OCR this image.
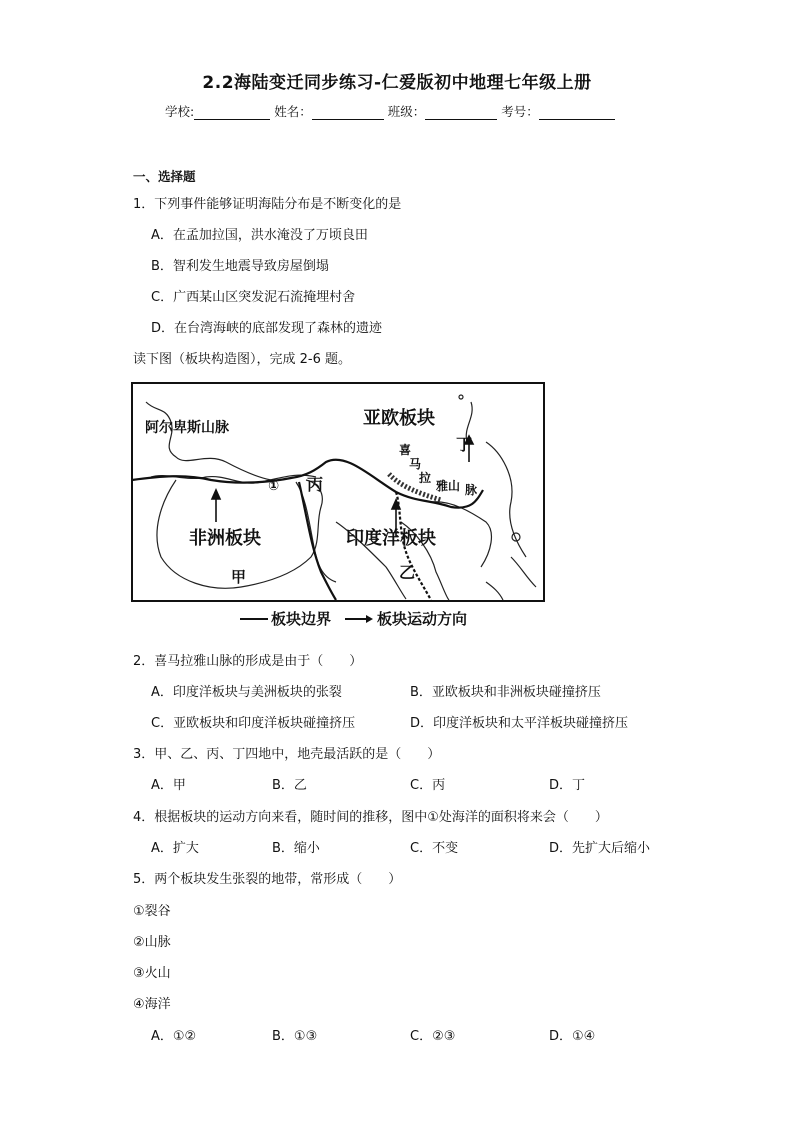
2.2海陆变迁同步练习-仁爱版初中地理七年级上册
学校:	姓名：	班级：	考号：
一、选择题
1．下列事件能够证明海陆分布是不断变化的是
A．在孟加拉国，洪水淹没了万顷良田
B．智利发生地震导致房屋倒塌
C．广西某山区突发泥石流掩埋村舍
D．在台湾海峡的底部发现了森林的遗迹
读下图（板块构造图），完成 2-6 题。
阿尔卑斯山脉	亚欧板块
丁
喜
马
拉
雅山 脉
① 丙
非洲板块	印度洋板块
甲	乙
板块边界	板块运动方向
2．喜马拉雅山脉的形成是由于（　　）
A．印度洋板块与美洲板块的张裂	B．亚欧板块和非洲板块碰撞挤压
C．亚欧板块和印度洋板块碰撞挤压	D．印度洋板块和太平洋板块碰撞挤压
3．甲、乙、丙、丁四地中，地壳最活跃的是（　　）
A．甲	B．乙	C．丙	D．丁
4．根据板块的运动方向来看，随时间的推移，图中①处海洋的面积将来会（　　）
A．扩大	B．缩小	C．不变	D．先扩大后缩小
5．两个板块发生张裂的地带，常形成（　　）
①裂谷
②山脉
③火山
④海洋
A．①②	B．①③	C．②③	D．①④
